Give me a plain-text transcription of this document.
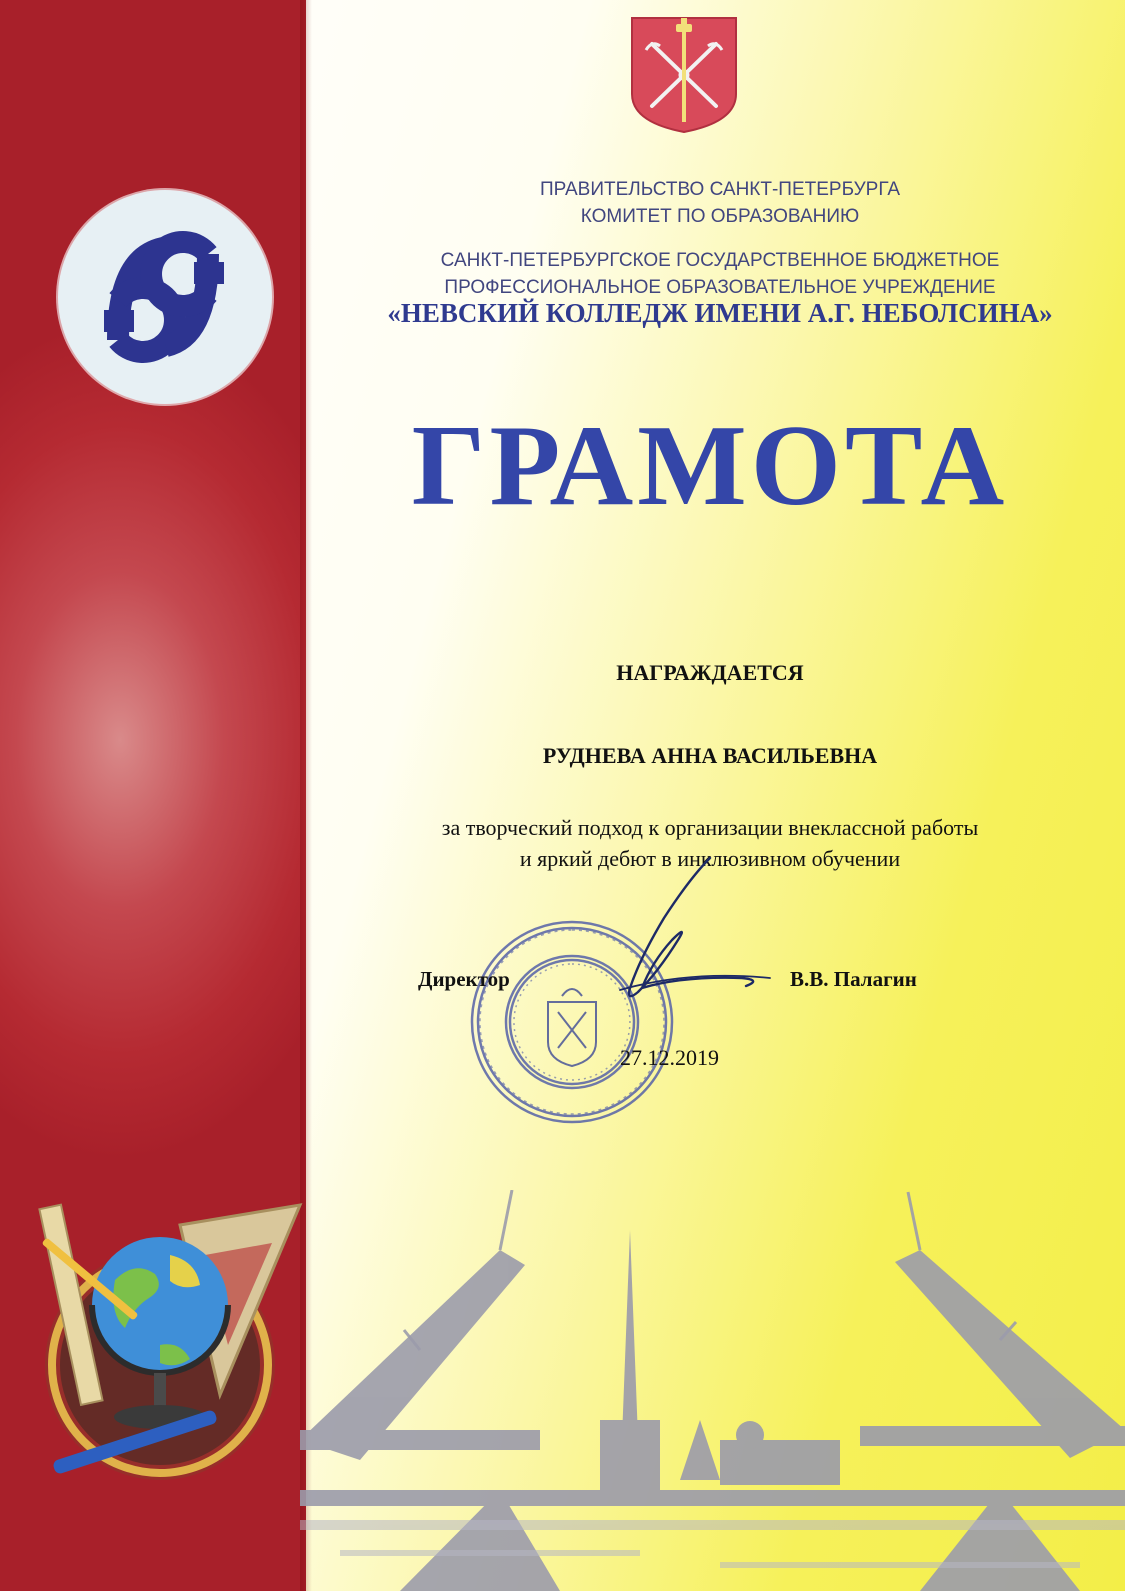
ПРАВИТЕЛЬСТВО САНКТ-ПЕТЕРБУРГА
КОМИТЕТ ПО ОБРАЗОВАНИЮ
САНКТ-ПЕТЕРБУРГСКОЕ ГОСУДАРСТВЕННОЕ БЮДЖЕТНОЕ
ПРОФЕССИОНАЛЬНОЕ ОБРАЗОВАТЕЛЬНОЕ УЧРЕЖДЕНИЕ
«НЕВСКИЙ КОЛЛЕДЖ ИМЕНИ А.Г. НЕБОЛСИНА»
ГРАМОТА

НАГРАЖДАЕТСЯ

РУДНЕВА АННА ВАСИЛЬЕВНА

за творческий подход к организации внеклассной работы
и яркий дебют в инклюзивном обучении

Директор	В.В. Палагин

27.12.2019
